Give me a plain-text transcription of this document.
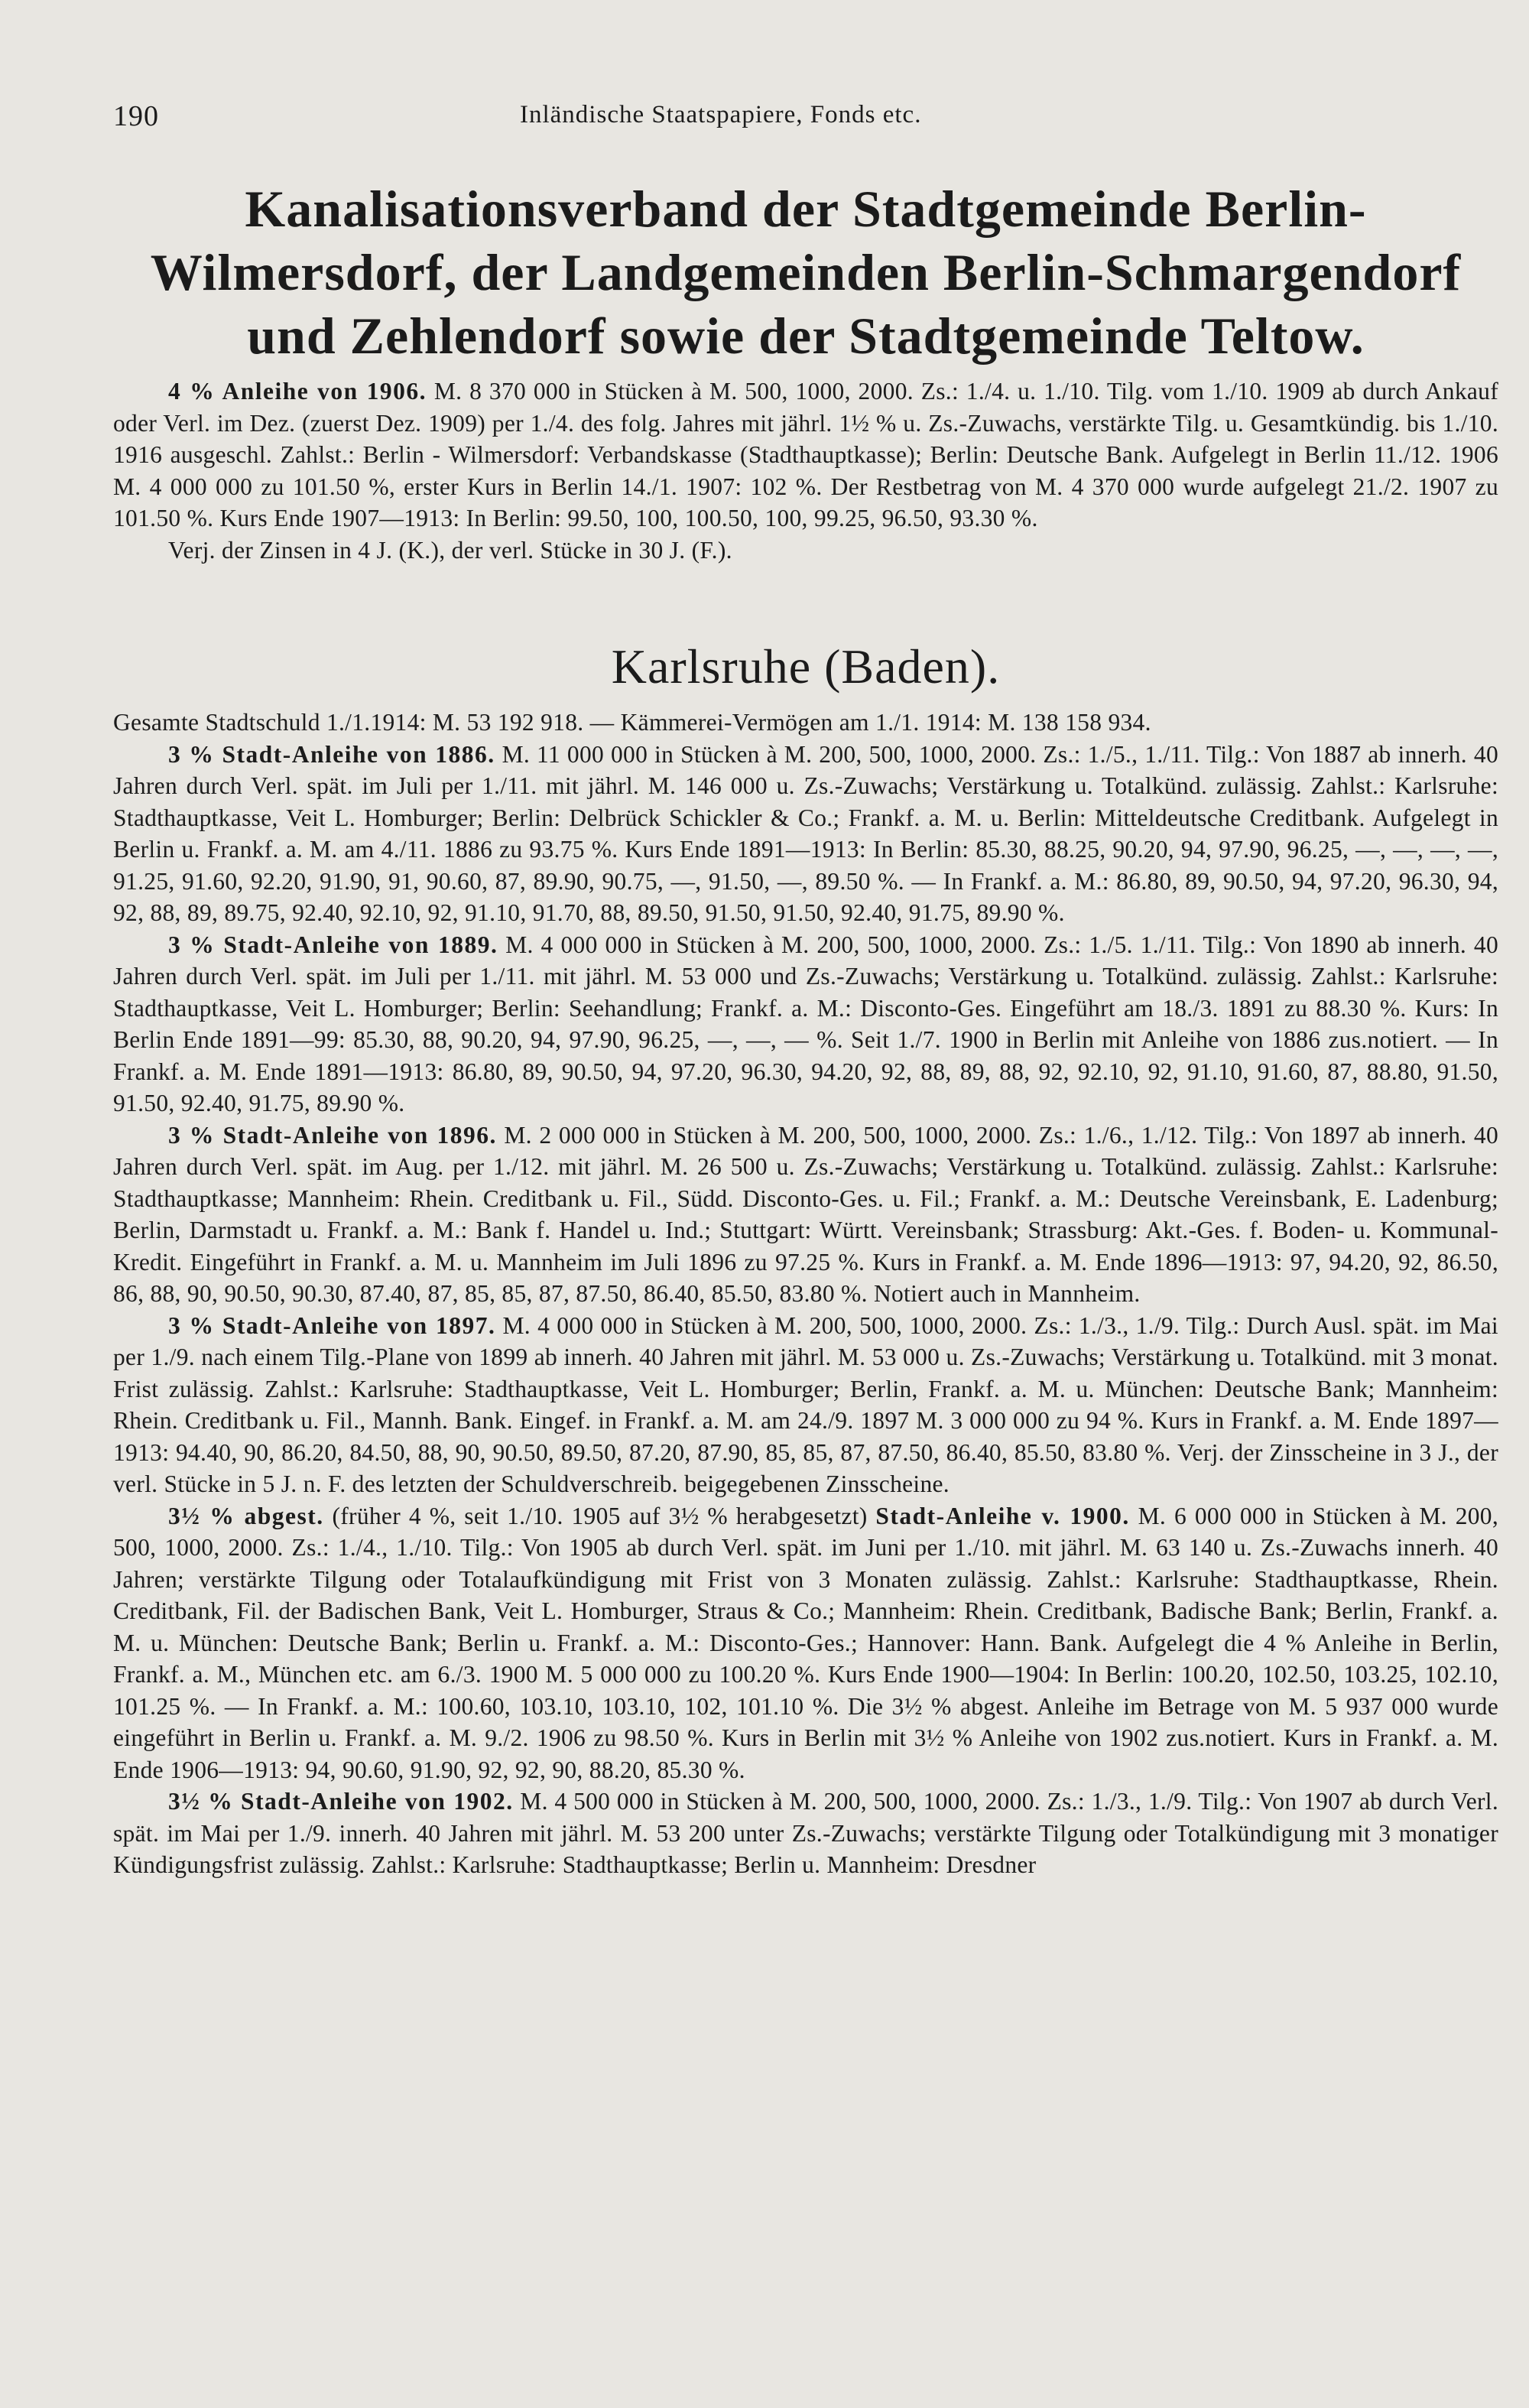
190	Inländische Staatspapiere, Fonds etc.
Kanalisationsverband der Stadtgemeinde Berlin-
Wilmersdorf, der Landgemeinden Berlin-Schmargendorf
und Zehlendorf sowie der Stadtgemeinde Teltow.

4 % Anleihe von 1906. M. 8 370 000 in Stücken à M. 500, 1000, 2000. Zs.: 1./4. u. 1./10. Tilg. vom 1./10. 1909 ab durch Ankauf oder Verl. im Dez. (zuerst Dez. 1909) per 1./4. des folg. Jahres mit jährl. 1½ % u. Zs.-Zuwachs, verstärkte Tilg. u. Gesamtkündig. bis 1./10. 1916 ausgeschl. Zahlst.: Berlin - Wilmersdorf: Verbandskasse (Stadthauptkasse); Berlin: Deutsche Bank. Aufgelegt in Berlin 11./12. 1906 M. 4 000 000 zu 101.50 %, erster Kurs in Berlin 14./1. 1907: 102 %. Der Restbetrag von M. 4 370 000 wurde aufgelegt 21./2. 1907 zu 101.50 %. Kurs Ende 1907—1913: In Berlin: 99.50, 100, 100.50, 100, 99.25, 96.50, 93.30 %.

Verj. der Zinsen in 4 J. (K.), der verl. Stücke in 30 J. (F.).

Karlsruhe (Baden).

Gesamte Stadtschuld 1./1.1914: M. 53 192 918. — Kämmerei-Vermögen am 1./1. 1914: M. 138 158 934.

3 % Stadt-Anleihe von 1886. M. 11 000 000 in Stücken à M. 200, 500, 1000, 2000. Zs.: 1./5., 1./11. Tilg.: Von 1887 ab innerh. 40 Jahren durch Verl. spät. im Juli per 1./11. mit jährl. M. 146 000 u. Zs.-Zuwachs; Verstärkung u. Totalkünd. zulässig. Zahlst.: Karlsruhe: Stadthauptkasse, Veit L. Homburger; Berlin: Delbrück Schickler & Co.; Frankf. a. M. u. Berlin: Mitteldeutsche Creditbank. Aufgelegt in Berlin u. Frankf. a. M. am 4./11. 1886 zu 93.75 %. Kurs Ende 1891—1913: In Berlin: 85.30, 88.25, 90.20, 94, 97.90, 96.25, —, —, —, —, 91.25, 91.60, 92.20, 91.90, 91, 90.60, 87, 89.90, 90.75, —, 91.50, —, 89.50 %. — In Frankf. a. M.: 86.80, 89, 90.50, 94, 97.20, 96.30, 94, 92, 88, 89, 89.75, 92.40, 92.10, 92, 91.10, 91.70, 88, 89.50, 91.50, 91.50, 92.40, 91.75, 89.90 %.

3 % Stadt-Anleihe von 1889. M. 4 000 000 in Stücken à M. 200, 500, 1000, 2000. Zs.: 1./5. 1./11. Tilg.: Von 1890 ab innerh. 40 Jahren durch Verl. spät. im Juli per 1./11. mit jährl. M. 53 000 und Zs.-Zuwachs; Verstärkung u. Totalkünd. zulässig. Zahlst.: Karlsruhe: Stadthauptkasse, Veit L. Homburger; Berlin: Seehandlung; Frankf. a. M.: Disconto-Ges. Eingeführt am 18./3. 1891 zu 88.30 %. Kurs: In Berlin Ende 1891—99: 85.30, 88, 90.20, 94, 97.90, 96.25, —, —, — %. Seit 1./7. 1900 in Berlin mit Anleihe von 1886 zus.notiert. — In Frankf. a. M. Ende 1891—1913: 86.80, 89, 90.50, 94, 97.20, 96.30, 94.20, 92, 88, 89, 88, 92, 92.10, 92, 91.10, 91.60, 87, 88.80, 91.50, 91.50, 92.40, 91.75, 89.90 %.

3 % Stadt-Anleihe von 1896. M. 2 000 000 in Stücken à M. 200, 500, 1000, 2000. Zs.: 1./6., 1./12. Tilg.: Von 1897 ab innerh. 40 Jahren durch Verl. spät. im Aug. per 1./12. mit jährl. M. 26 500 u. Zs.-Zuwachs; Verstärkung u. Totalkünd. zulässig. Zahlst.: Karlsruhe: Stadthauptkasse; Mannheim: Rhein. Creditbank u. Fil., Südd. Disconto-Ges. u. Fil.; Frankf. a. M.: Deutsche Vereinsbank, E. Ladenburg; Berlin, Darmstadt u. Frankf. a. M.: Bank f. Handel u. Ind.; Stuttgart: Württ. Vereinsbank; Strassburg: Akt.-Ges. f. Boden- u. Kommunal-Kredit. Eingeführt in Frankf. a. M. u. Mannheim im Juli 1896 zu 97.25 %. Kurs in Frankf. a. M. Ende 1896—1913: 97, 94.20, 92, 86.50, 86, 88, 90, 90.50, 90.30, 87.40, 87, 85, 85, 87, 87.50, 86.40, 85.50, 83.80 %. Notiert auch in Mannheim.

3 % Stadt-Anleihe von 1897. M. 4 000 000 in Stücken à M. 200, 500, 1000, 2000. Zs.: 1./3., 1./9. Tilg.: Durch Ausl. spät. im Mai per 1./9. nach einem Tilg.-Plane von 1899 ab innerh. 40 Jahren mit jährl. M. 53 000 u. Zs.-Zuwachs; Verstärkung u. Totalkünd. mit 3 monat. Frist zulässig. Zahlst.: Karlsruhe: Stadthauptkasse, Veit L. Homburger; Berlin, Frankf. a. M. u. München: Deutsche Bank; Mannheim: Rhein. Creditbank u. Fil., Mannh. Bank. Eingef. in Frankf. a. M. am 24./9. 1897 M. 3 000 000 zu 94 %. Kurs in Frankf. a. M. Ende 1897—1913: 94.40, 90, 86.20, 84.50, 88, 90, 90.50, 89.50, 87.20, 87.90, 85, 85, 87, 87.50, 86.40, 85.50, 83.80 %. Verj. der Zinsscheine in 3 J., der verl. Stücke in 5 J. n. F. des letzten der Schuldverschreib. beigegebenen Zinsscheine.

3½ % abgest. (früher 4 %, seit 1./10. 1905 auf 3½ % herabgesetzt) Stadt-Anleihe v. 1900. M. 6 000 000 in Stücken à M. 200, 500, 1000, 2000. Zs.: 1./4., 1./10. Tilg.: Von 1905 ab durch Verl. spät. im Juni per 1./10. mit jährl. M. 63 140 u. Zs.-Zuwachs innerh. 40 Jahren; verstärkte Tilgung oder Totalaufkündigung mit Frist von 3 Monaten zulässig. Zahlst.: Karlsruhe: Stadthauptkasse, Rhein. Creditbank, Fil. der Badischen Bank, Veit L. Homburger, Straus & Co.; Mannheim: Rhein. Creditbank, Badische Bank; Berlin, Frankf. a. M. u. München: Deutsche Bank; Berlin u. Frankf. a. M.: Disconto-Ges.; Hannover: Hann. Bank. Aufgelegt die 4 % Anleihe in Berlin, Frankf. a. M., München etc. am 6./3. 1900 M. 5 000 000 zu 100.20 %. Kurs Ende 1900—1904: In Berlin: 100.20, 102.50, 103.25, 102.10, 101.25 %. — In Frankf. a. M.: 100.60, 103.10, 103.10, 102, 101.10 %. Die 3½ % abgest. Anleihe im Betrage von M. 5 937 000 wurde eingeführt in Berlin u. Frankf. a. M. 9./2. 1906 zu 98.50 %. Kurs in Berlin mit 3½ % Anleihe von 1902 zus.notiert. Kurs in Frankf. a. M. Ende 1906—1913: 94, 90.60, 91.90, 92, 92, 90, 88.20, 85.30 %.

3½ % Stadt-Anleihe von 1902. M. 4 500 000 in Stücken à M. 200, 500, 1000, 2000. Zs.: 1./3., 1./9. Tilg.: Von 1907 ab durch Verl. spät. im Mai per 1./9. innerh. 40 Jahren mit jährl. M. 53 200 unter Zs.-Zuwachs; verstärkte Tilgung oder Totalkündigung mit 3 monatiger Kündigungsfrist zulässig. Zahlst.: Karlsruhe: Stadthauptkasse; Berlin u. Mannheim: Dresdner
